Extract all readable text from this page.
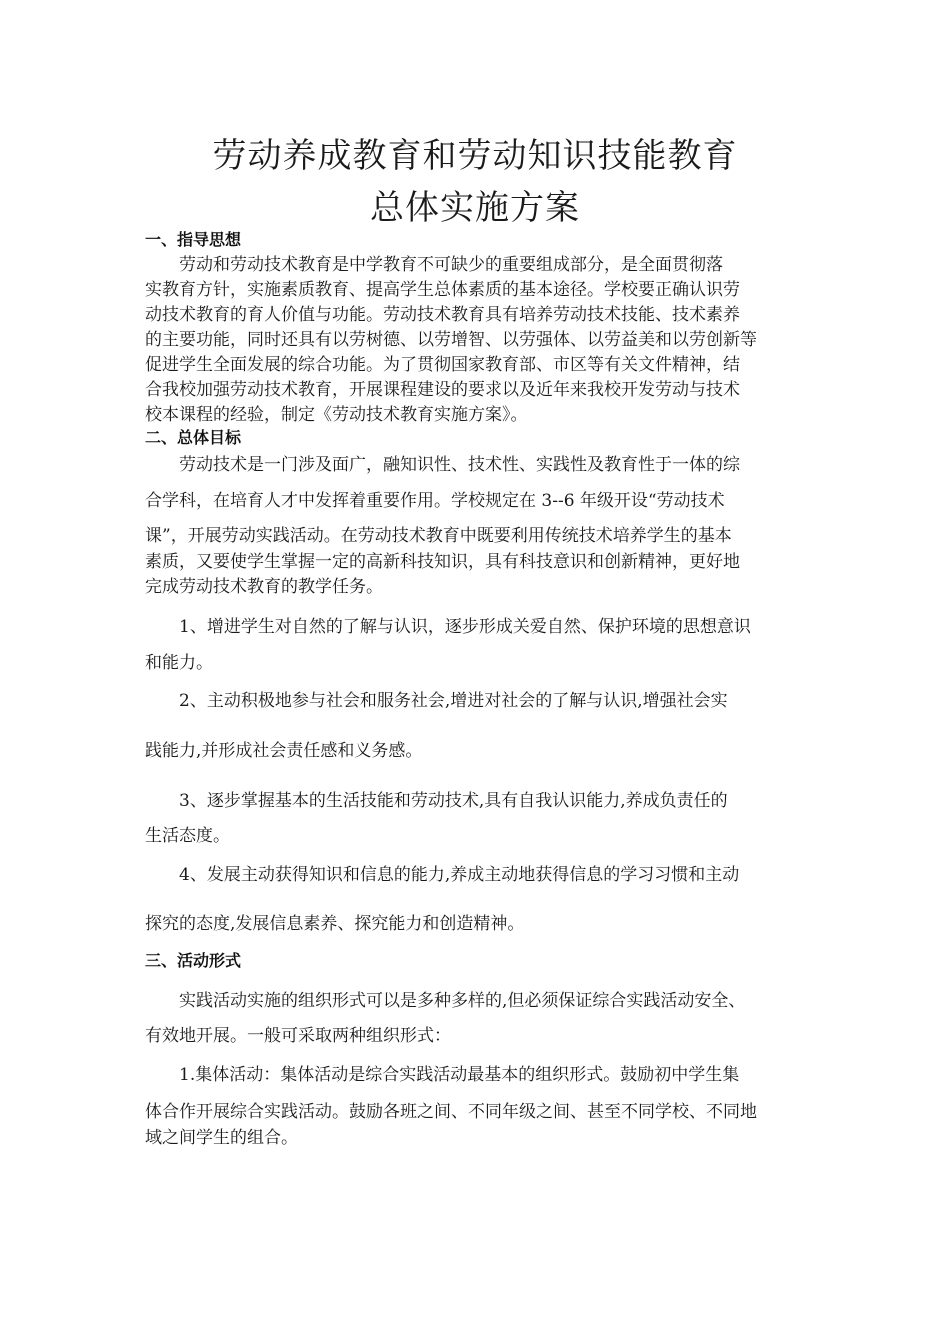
劳动养成教育和劳动知识技能教育
总体实施方案
一、指导思想
　　劳动和劳动技术教育是中学教育不可缺少的重要组成部分，是全面贯彻落
实教育方针，实施素质教育、提高学生总体素质的基本途径。学校要正确认识劳
动技术教育的育人价值与功能。劳动技术教育具有培养劳动技术技能、技术素养
的主要功能，同时还具有以劳树德、以劳增智、以劳强体、以劳益美和以劳创新等
促进学生全面发展的综合功能。为了贯彻国家教育部、市区等有关文件精神，结
合我校加强劳动技术教育，开展课程建设的要求以及近年来我校开发劳动与技术
校本课程的经验，制定《劳动技术教育实施方案》。
二、总体目标
　　劳动技术是一门涉及面广，融知识性、技术性、实践性及教育性于一体的综
合学科，在培育人才中发挥着重要作用。学校规定在 3--6 年级开设“劳动技术
课”，开展劳动实践活动。在劳动技术教育中既要利用传统技术培养学生的基本
素质，又要使学生掌握一定的高新科技知识，具有科技意识和创新精神，更好地
完成劳动技术教育的教学任务。
　　1、增进学生对自然的了解与认识，逐步形成关爱自然、保护环境的思想意识
和能力。
　　2、主动积极地参与社会和服务社会,增进对社会的了解与认识,增强社会实
践能力,并形成社会责任感和义务感。
　　3、逐步掌握基本的生活技能和劳动技术,具有自我认识能力,养成负责任的
生活态度。
　　4、发展主动获得知识和信息的能力,养成主动地获得信息的学习习惯和主动
探究的态度,发展信息素养、探究能力和创造精神。
三、活动形式
　　实践活动实施的组织形式可以是多种多样的,但必须保证综合实践活动安全、
有效地开展。一般可采取两种组织形式：
　　1.集体活动：集体活动是综合实践活动最基本的组织形式。鼓励初中学生集
体合作开展综合实践活动。鼓励各班之间、不同年级之间、甚至不同学校、不同地
域之间学生的组合。
